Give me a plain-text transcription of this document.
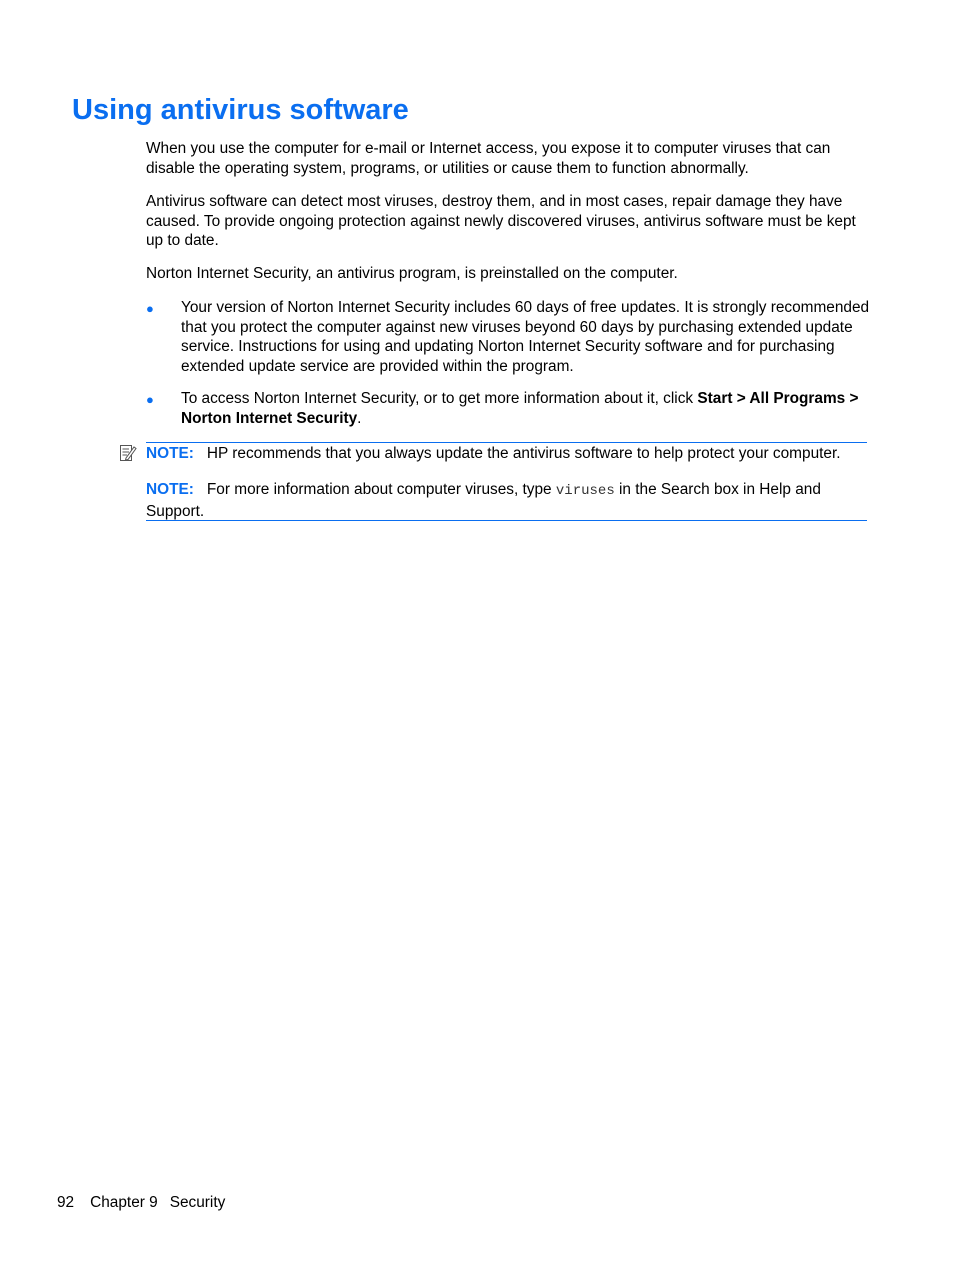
Using antivirus software

When you use the computer for e-mail or Internet access, you expose it to computer viruses that can disable the operating system, programs, or utilities or cause them to function abnormally.

Antivirus software can detect most viruses, destroy them, and in most cases, repair damage they have caused. To provide ongoing protection against newly discovered viruses, antivirus software must be kept up to date.

Norton Internet Security, an antivirus program, is preinstalled on the computer.

● Your version of Norton Internet Security includes 60 days of free updates. It is strongly recommended that you protect the computer against new viruses beyond 60 days by purchasing extended update service. Instructions for using and updating Norton Internet Security software and for purchasing extended update service are provided within the program.
● To access Norton Internet Security, or to get more information about it, click Start > All Programs > Norton Internet Security.
NOTE: HP recommends that you always update the antivirus software to help protect your computer.
NOTE: For more information about computer viruses, type viruses in the Search box in Help and Support.
92 Chapter 9 Security
